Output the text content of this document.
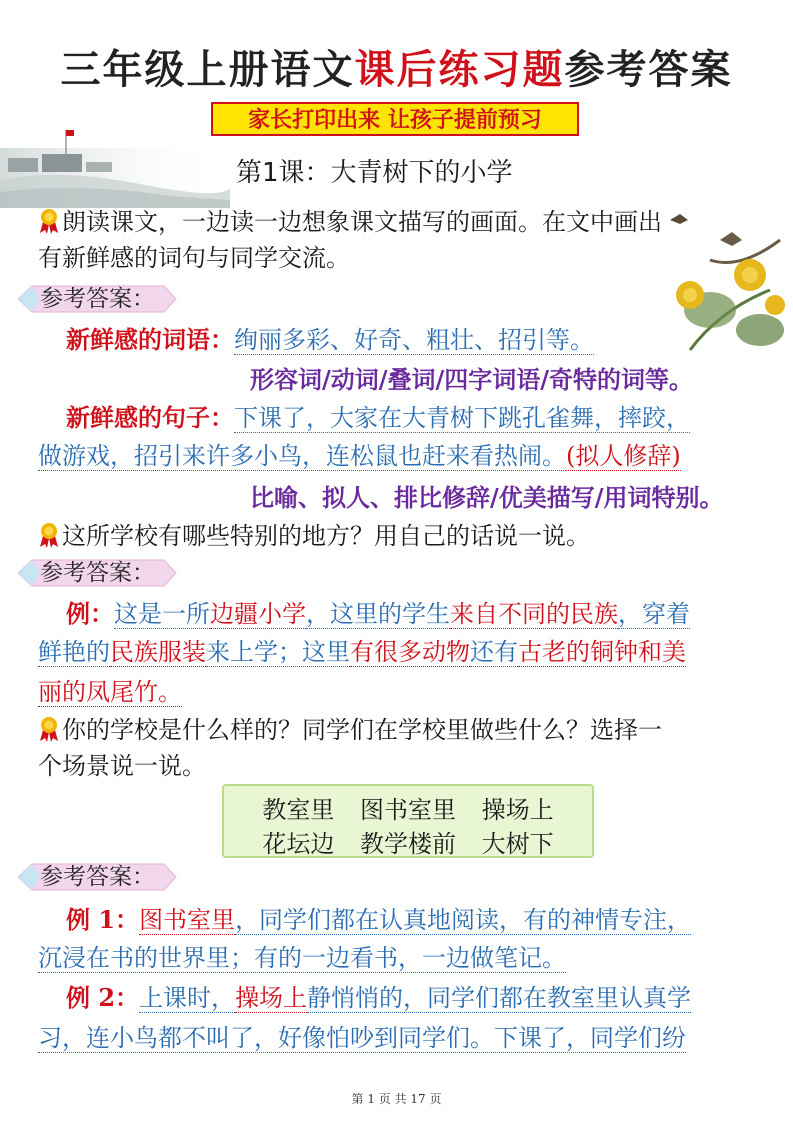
三年级上册语文课后练习题参考答案
家长打印出来 让孩子提前预习
第1课：大青树下的小学
朗读课文，一边读一边想象课文描写的画面。在文中画出
有新鲜感的词句与同学交流。
参考答案：
新鲜感的词语：绚丽多彩、好奇、粗壮、招引等。
形容词/动词/叠词/四字词语/奇特的词等。
新鲜感的句子：下课了，大家在大青树下跳孔雀舞，摔跤，
做游戏，招引来许多小鸟，连松鼠也赶来看热闹。(拟人修辞)
比喻、拟人、排比修辞/优美描写/用词特别。
这所学校有哪些特别的地方？用自己的话说一说。
参考答案：
例：这是一所边疆小学，这里的学生来自不同的民族，穿着
鲜艳的民族服装来上学；这里有很多动物还有古老的铜钟和美
丽的凤尾竹。
你的学校是什么样的？同学们在学校里做些什么？选择一
个场景说一说。
教室里 图书室里 操场上
花坛边 教学楼前 大树下
参考答案：
例 1：图书室里，同学们都在认真地阅读，有的神情专注，
沉浸在书的世界里；有的一边看书，一边做笔记。
例 2：上课时，操场上静悄悄的，同学们都在教室里认真学
习，连小鸟都不叫了，好像怕吵到同学们。下课了，同学们纷
第 1 页 共 17 页
